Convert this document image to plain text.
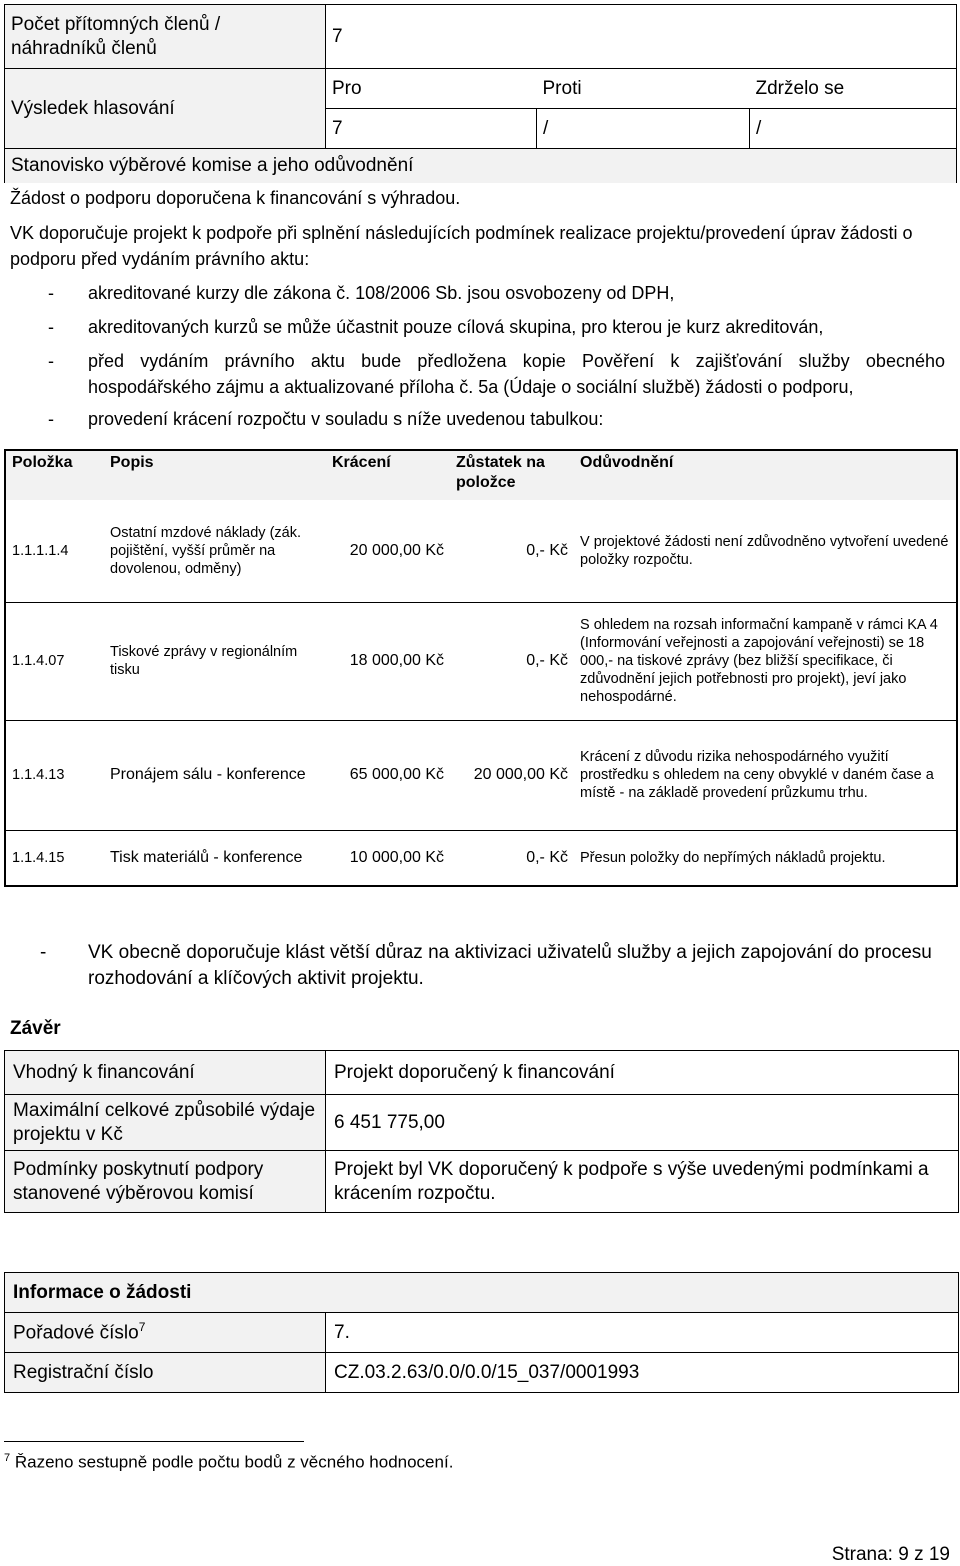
Počet přítomných členů / náhradníků členů	7		
Výsledek hlasování	Pro	Proti	Zdrželo se
	7	/	/
Stanovisko výběrové komise a jeho odůvodnění			

Žádost o podporu doporučena k financování s výhradou.

VK doporučuje projekt k podpoře při splnění následujících podmínek realizace projektu/provedení úprav žádosti o podporu před vydáním právního aktu:

- akreditované kurzy dle zákona č. 108/2006 Sb. jsou osvobozeny od DPH,
- akreditovaných kurzů se může účastnit pouze cílová skupina, pro kterou je kurz akreditován,
- před vydáním právního aktu bude předložena kopie Pověření k zajišťování služby obecného hospodářského zájmu a aktualizované příloha č. 5a (Údaje o sociální službě) žádosti o podporu,
- provedení krácení rozpočtu v souladu s níže uvedenou tabulkou:
Položka	Popis	Krácení	Zůstatek na položce	Odůvodnění
1.1.1.1.4	Ostatní mzdové náklady (zák. pojištění, vyšší průměr na dovolenou, odměny)	20 000,00 Kč	0,- Kč	V projektové žádosti není zdůvodněno vytvoření uvedené položky rozpočtu.
1.1.4.07	Tiskové zprávy v regionálním tisku	18 000,00 Kč	0,- Kč	S ohledem na rozsah informační kampaně v rámci KA 4 (Informování veřejnosti a zapojování veřejnosti) se 18 000,- na tiskové zprávy (bez bližší specifikace, či zdůvodnění jejich potřebnosti pro projekt), jeví jako nehospodárné.
1.1.4.13	Pronájem sálu - konference	65 000,00 Kč	20 000,00 Kč	Krácení z důvodu rizika nehospodárného využití prostředku s ohledem na ceny obvyklé v daném čase a místě - na základě provedení průzkumu trhu.
1.1.4.15	Tisk materiálů - konference	10 000,00 Kč	0,- Kč	Přesun položky do nepřímých nákladů projektu.
-	VK obecně doporučuje klást větší důraz na aktivizaci uživatelů služby a jejich zapojování do procesu rozhodování a klíčových aktivit projektu.
Závěr
Vhodný k financování	Projekt doporučený k financování
Maximální celkové způsobilé výdaje projektu v Kč	6 451 775,00
Podmínky poskytnutí podpory stanovené výběrovou komisí	Projekt byl VK doporučený k podpoře s výše uvedenými podmínkami a krácením rozpočtu.
Informace o žádosti	
Pořadové číslo$^7$	7.
Registrační číslo	CZ.03.2.63/0.0/0.0/15_037/0001993
$^7$ Řazeno sestupně podle počtu bodů z věcného hodnocení.
Strana: 9 z 19
